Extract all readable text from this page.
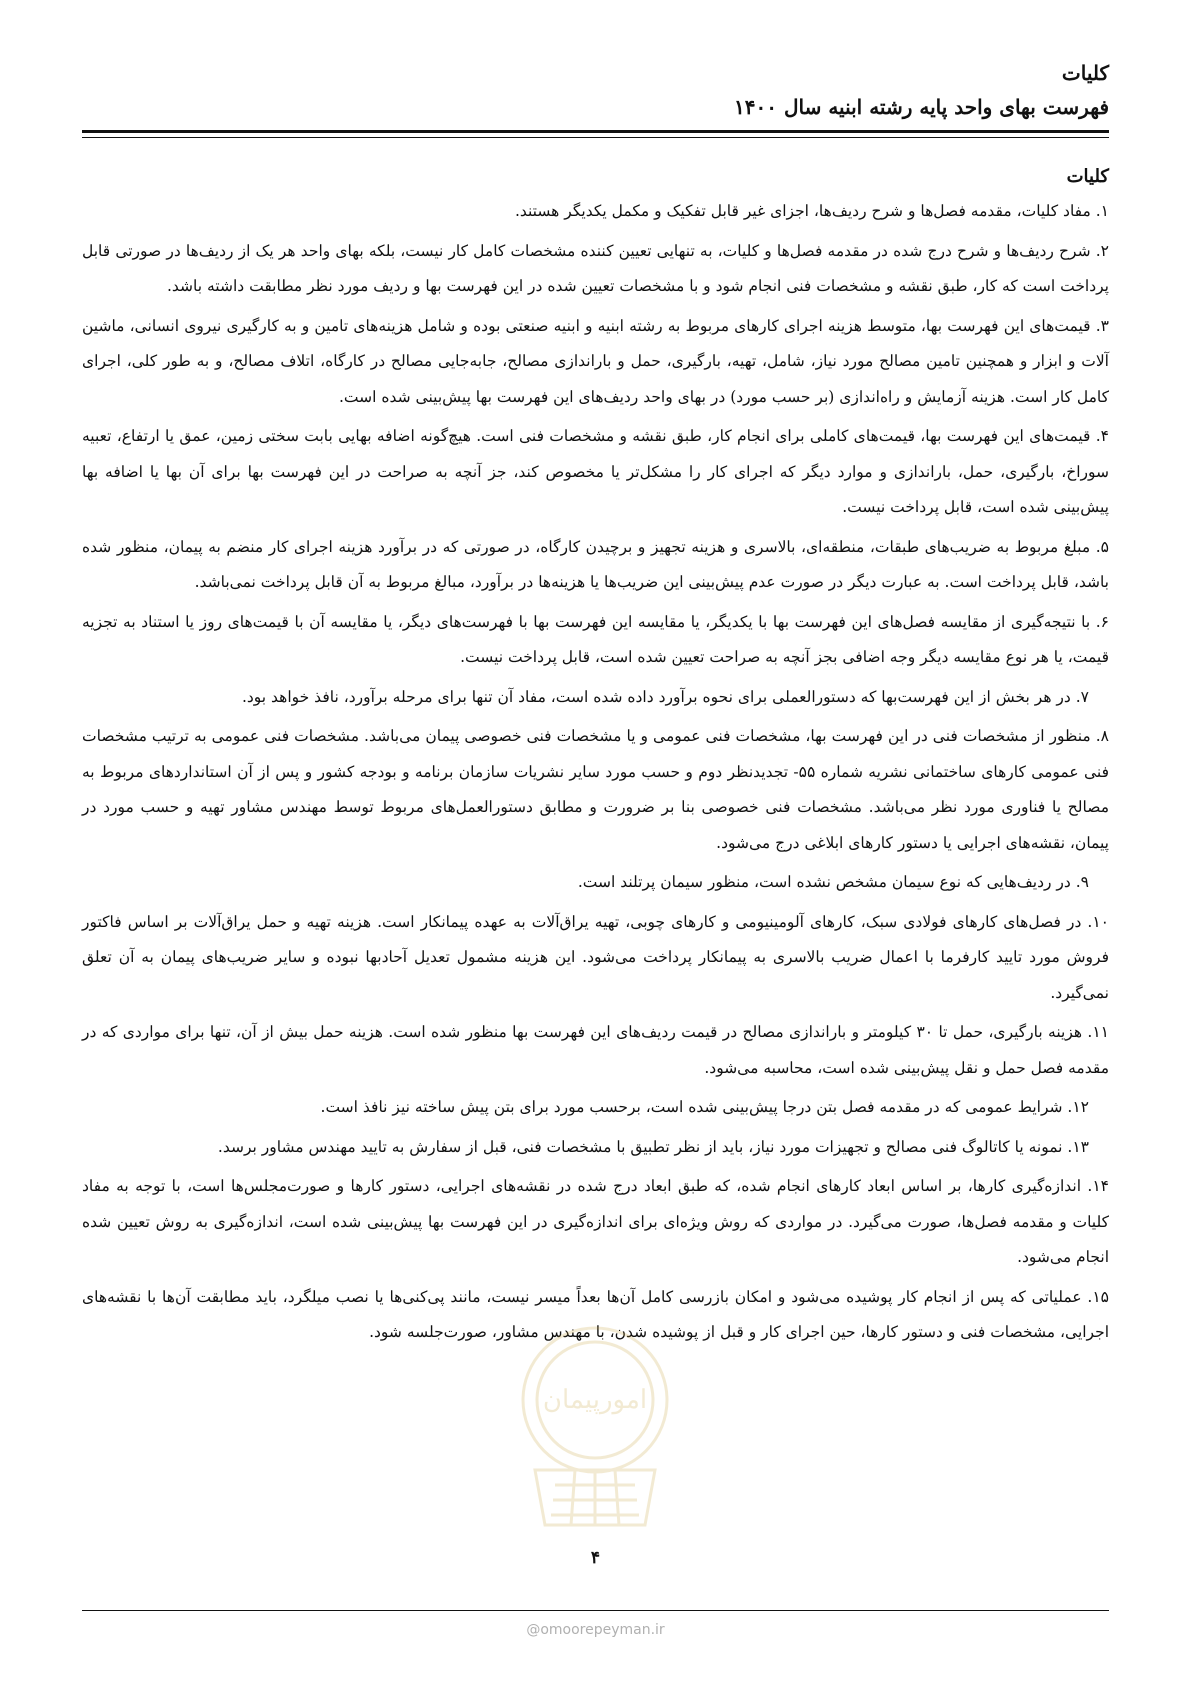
کلیات

فهرست بهای واحد پایه رشته ابنیه سال ۱۴۰۰

کلیات

۱. مفاد کلیات، مقدمه فصل‌ها و شرح ردیف‌ها، اجزای غیر قابل تفکیک و مکمل یکدیگر هستند.

۲. شرح ردیف‌ها و شرح درج شده در مقدمه فصل‌ها و کلیات، به تنهایی تعیین کننده مشخصات کامل کار نیست، بلکه بهای واحد هر یک از ردیف‌ها در صورتی قابل پرداخت است که کار، طبق نقشه و مشخصات فنی انجام شود و با مشخصات تعیین شده در این فهرست بها و ردیف مورد نظر مطابقت داشته باشد.

۳. قیمت‌های این فهرست بها، متوسط هزینه اجرای کارهای مربوط به رشته ابنیه و ابنیه صنعتی بوده و شامل هزینه‌های تامین و به کارگیری نیروی انسانی، ماشین آلات و ابزار و همچنین تامین مصالح مورد نیاز، شامل، تهیه، بارگیری، حمل و باراندازی مصالح، جابه‌جایی مصالح در کارگاه، اتلاف مصالح، و به طور کلی، اجرای کامل کار است. هزینه آزمایش و راه‌اندازی (بر حسب مورد) در بهای واحد ردیف‌های این فهرست بها پیش‌بینی شده است.

۴. قیمت‌های این فهرست بها، قیمت‌های کاملی برای انجام کار، طبق نقشه و مشخصات فنی است. هیچ‌گونه اضافه بهایی بابت سختی زمین، عمق یا ارتفاع، تعبیه سوراخ، بارگیری، حمل، باراندازی و موارد دیگر که اجرای کار را مشکل‌تر یا مخصوص کند، جز آنچه به صراحت در این فهرست بها برای آن بها یا اضافه بها پیش‌بینی شده است، قابل پرداخت نیست.

۵. مبلغ مربوط به ضریب‌های طبقات، منطقه‌ای، بالاسری و هزینه تجهیز و برچیدن کارگاه، در صورتی که در برآورد هزینه اجرای کار منضم به پیمان، منظور شده باشد، قابل پرداخت است. به عبارت دیگر در صورت عدم پیش‌بینی این ضریب‌ها یا هزینه‌ها در برآورد، مبالغ مربوط به آن قابل پرداخت نمی‌باشد.

۶. با نتیجه‌گیری از مقایسه فصل‌های این فهرست بها با یکدیگر، یا مقایسه این فهرست بها با فهرست‌های دیگر، یا مقایسه آن با قیمت‌های روز یا استناد به تجزیه قیمت، یا هر نوع مقایسه دیگر وجه اضافی بجز آنچه به صراحت تعیین شده است، قابل پرداخت نیست.

۷. در هر بخش از این فهرست‌بها که دستورالعملی برای نحوه برآورد داده شده است، مفاد آن تنها برای مرحله برآورد، نافذ خواهد بود.

۸. منظور از مشخصات فنی در این فهرست بها، مشخصات فنی عمومی و یا مشخصات فنی خصوصی پیمان می‌باشد. مشخصات فنی عمومی به ترتیب مشخصات فنی عمومی کارهای ساختمانی نشریه شماره ۵۵- تجدیدنظر دوم و حسب مورد سایر نشریات سازمان برنامه و بودجه کشور و پس از آن استانداردهای مربوط به مصالح یا فناوری مورد نظر می‌باشد. مشخصات فنی خصوصی بنا بر ضرورت و مطابق دستورالعمل‌های مربوط توسط مهندس مشاور تهیه و حسب مورد در پیمان، نقشه‌های اجرایی یا دستور کارهای ابلاغی درج می‌شود.

۹. در ردیف‌هایی که نوع سیمان مشخص نشده است، منظور سیمان پرتلند است.

۱۰. در فصل‌های کارهای فولادی سبک، کارهای آلومینیومی و کارهای چوبی، تهیه یراق‌آلات به عهده پیمانکار است. هزینه تهیه و حمل یراق‌آلات بر اساس فاکتور فروش مورد تایید کارفرما با اعمال ضریب بالاسری به پیمانکار پرداخت می‌شود. این هزینه مشمول تعدیل آحادبها نبوده و سایر ضریب‌های پیمان به آن تعلق نمی‌گیرد.

۱۱. هزینه بارگیری، حمل تا ۳۰ کیلومتر و باراندازی مصالح در قیمت ردیف‌های این فهرست بها منظور شده است. هزینه حمل بیش از آن، تنها برای مواردی که در مقدمه فصل حمل و نقل پیش‌بینی شده است، محاسبه می‌شود.

۱۲. شرایط عمومی که در مقدمه فصل بتن درجا پیش‌بینی شده است، برحسب مورد برای بتن پیش ساخته نیز نافذ است.

۱۳. نمونه یا کاتالوگ فنی مصالح و تجهیزات مورد نیاز، باید از نظر تطبیق با مشخصات فنی، قبل از سفارش به تایید مهندس مشاور برسد.

۱۴. اندازه‌گیری کارها، بر اساس ابعاد کارهای انجام شده، که طبق ابعاد درج شده در نقشه‌های اجرایی، دستور کارها و صورت‌مجلس‌ها است، با توجه به مفاد کلیات و مقدمه فصل‌ها، صورت می‌گیرد. در مواردی که روش ویژه‌ای برای اندازه‌گیری در این فهرست بها پیش‌بینی شده است، اندازه‌گیری به روش تعیین شده انجام می‌شود.

۱۵. عملیاتی که پس از انجام کار پوشیده می‌شود و امکان بازرسی کامل آن‌ها بعداً میسر نیست، مانند پی‌کنی‌ها یا نصب میلگرد، باید مطابقت آن‌ها با نقشه‌های اجرایی، مشخصات فنی و دستور کارها، حین اجرای کار و قبل از پوشیده شدن، با مهندس مشاور، صورت‌جلسه شود.

امورپیمان
۴
@omoorepeyman.ir
